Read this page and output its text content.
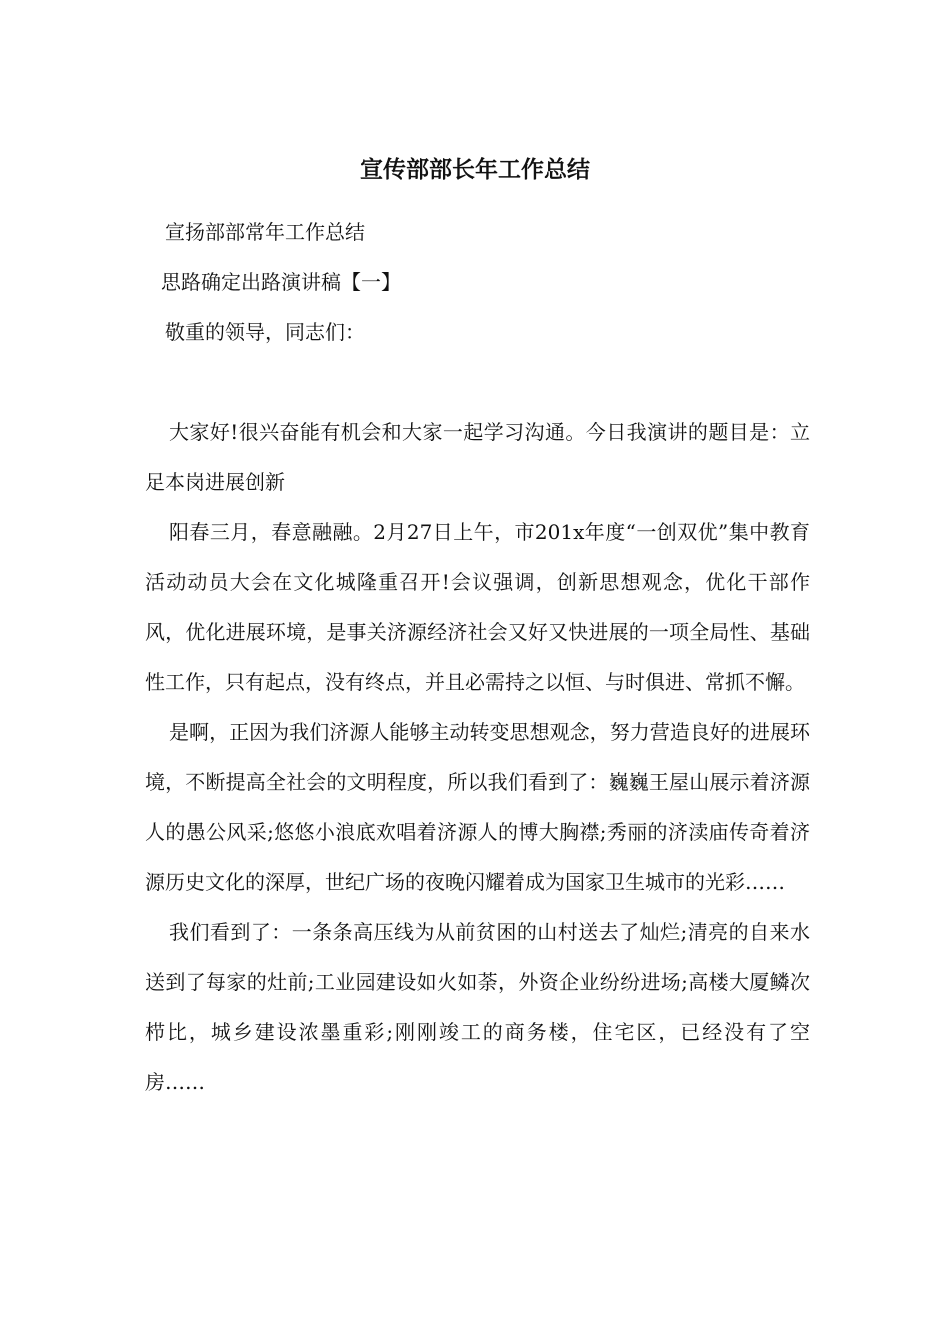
宣传部部长年工作总结

宣扬部部常年工作总结

思路确定出路演讲稿【一】

敬重的领导，同志们：

大家好!很兴奋能有机会和大家一起学习沟通。今日我演讲的题目是：立足本岗进展创新

阳春三月，春意融融。2月27日上午，市201x年度“一创双优”集中教育活动动员大会在文化城隆重召开!会议强调，创新思想观念，优化干部作风，优化进展环境，是事关济源经济社会又好又快进展的一项全局性、基础性工作，只有起点，没有终点，并且必需持之以恒、与时俱进、常抓不懈。

是啊，正因为我们济源人能够主动转变思想观念，努力营造良好的进展环境，不断提高全社会的文明程度，所以我们看到了：巍巍王屋山展示着济源人的愚公风采;悠悠小浪底欢唱着济源人的博大胸襟;秀丽的济渎庙传奇着济源历史文化的深厚，世纪广场的夜晚闪耀着成为国家卫生城市的光彩……

我们看到了：一条条高压线为从前贫困的山村送去了灿烂;清亮的自来水送到了每家的灶前;工业园建设如火如荼，外资企业纷纷进场;高楼大厦鳞次栉比，城乡建设浓墨重彩;刚刚竣工的商务楼，住宅区，已经没有了空房……
